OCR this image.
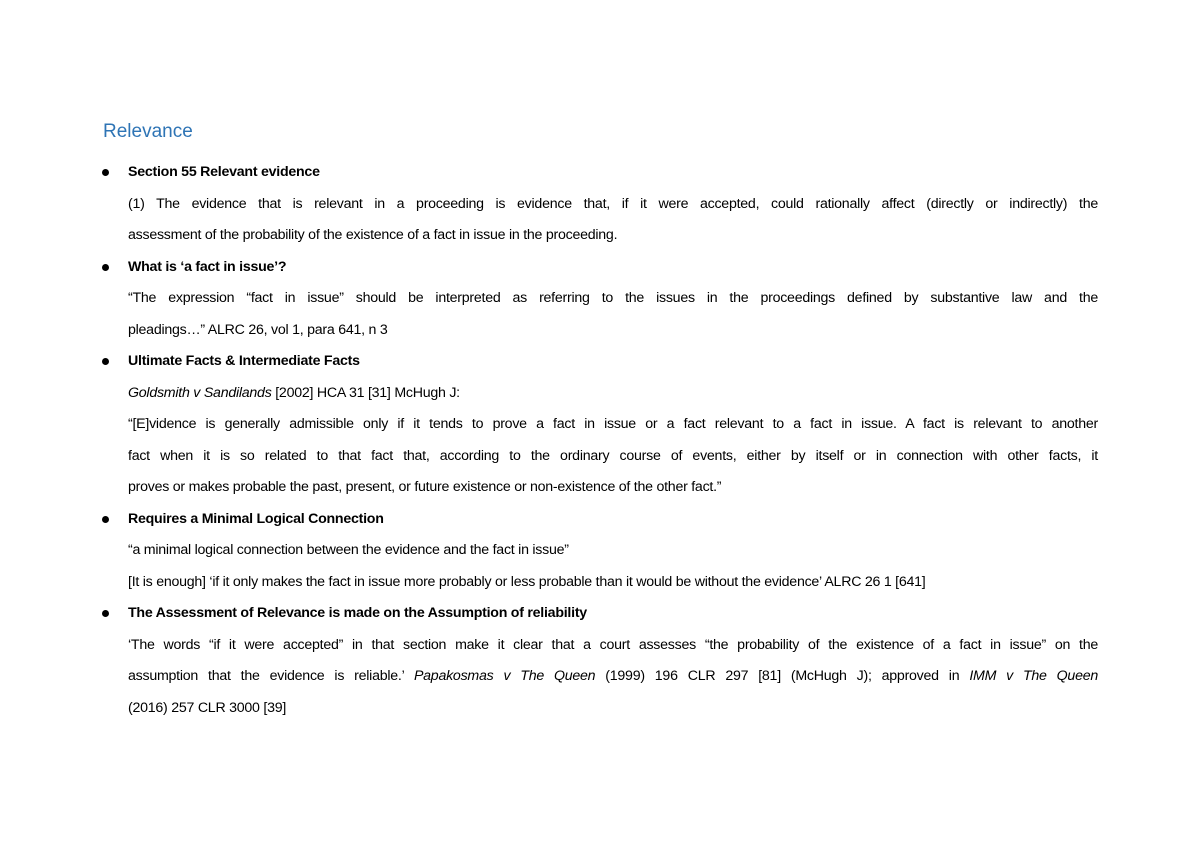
Relevance
Section 55 Relevant evidence
(1) The evidence that is relevant in a proceeding is evidence that, if it were accepted, could rationally affect (directly or indirectly) the
assessment of the probability of the existence of a fact in issue in the proceeding.
What is ‘a fact in issue’?
“The expression “fact in issue” should be interpreted as referring to the issues in the proceedings defined by substantive law and the
pleadings…” ALRC 26, vol 1, para 641, n 3
Ultimate Facts & Intermediate Facts
Goldsmith v Sandilands [2002] HCA 31 [31] McHugh J:
“[E]vidence is generally admissible only if it tends to prove a fact in issue or a fact relevant to a fact in issue. A fact is relevant to another
fact when it is so related to that fact that, according to the ordinary course of events, either by itself or in connection with other facts, it
proves or makes probable the past, present, or future existence or non-existence of the other fact.”
Requires a Minimal Logical Connection
“a minimal logical connection between the evidence and the fact in issue”
[It is enough] ‘if it only makes the fact in issue more probably or less probable than it would be without the evidence’ ALRC 26 1 [641]
The Assessment of Relevance is made on the Assumption of reliability
‘The words “if it were accepted” in that section make it clear that a court assesses “the probability of the existence of a fact in issue” on the
assumption that the evidence is reliable.’ Papakosmas v The Queen (1999) 196 CLR 297 [81] (McHugh J); approved in IMM v The Queen
(2016) 257 CLR 3000 [39]
